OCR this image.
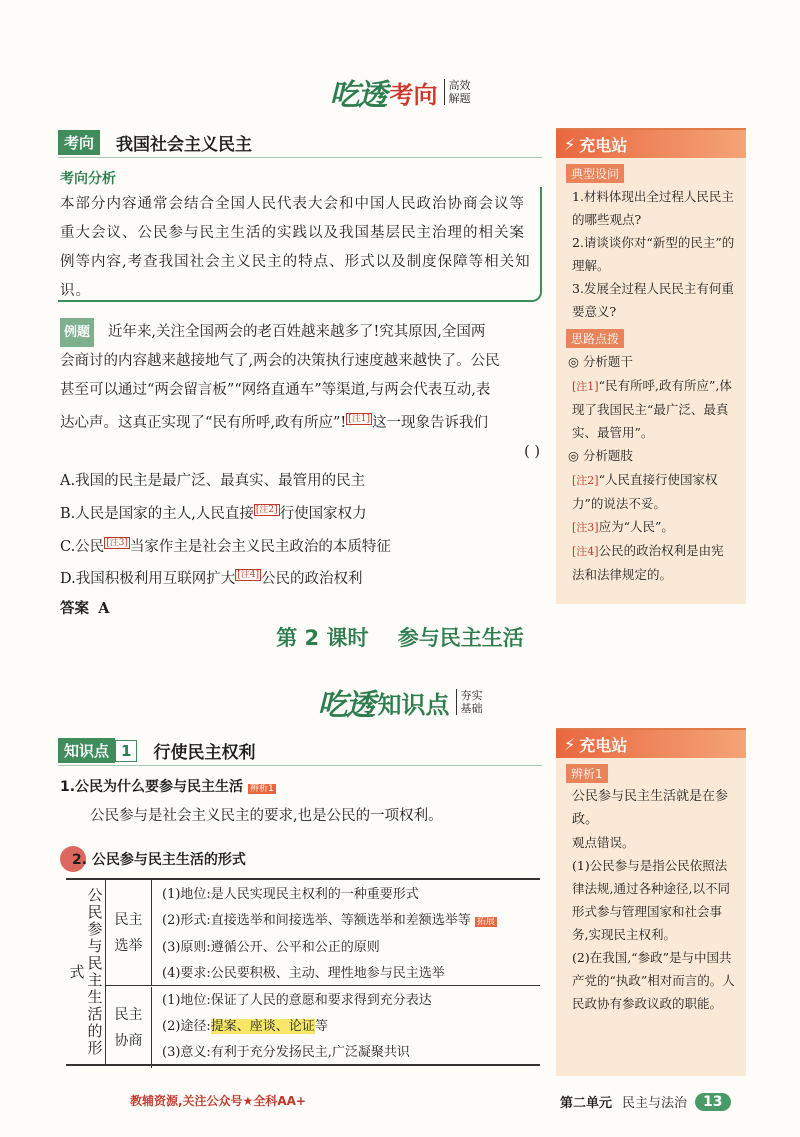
吃透 考向 高效
解题
考向	我国社会主义民主
考向分析
本部分内容通常会结合全国人民代表大会和中国人民政治协商会议等重大会议、公民参与民主生活的实践以及我国基层民主治理的相关案例等内容,考查我国社会主义民主的特点、形式以及制度保障等相关知识。
例题 近年来,关注全国两会的老百姓越来越多了!究其原因,全国两
会商讨的内容越来越接地气了,两会的决策执行速度越来越快了。公民
甚至可以通过“两会留言板”“网络直通车”等渠道,与两会代表互动,表
达心声。这真正实现了“民有所呼,政有所应”! [注1] 这一现象告诉我们
( )
A.我国的民主是最广泛、最真实、最管用的民主
B.人民是国家的主人,人民直接 [注2] 行使国家权力
C.公民 [注3] 当家作主是社会主义民主政治的本质特征
D.我国积极利用互联网扩大 [注4] 公民的政治权利
答案 A
⚡ 充电站
典型设问
1.材料体现出全过程人民民主的哪些观点?
2.请谈谈你对“新型的民主”的理解。
3.发展全过程人民民主有何重要意义?
思路点拨
◎ 分析题干
[注1]“民有所呼,政有所应”,体现了我国民主“最广泛、最真实、最管用”。
◎ 分析题肢
[注2]“人民直接行使国家权力”的说法不妥。
[注3]应为“人民”。
[注4]公民的政治权利是由宪法和法律规定的。
第 2 课时    参与民主生活
吃透 知识点 夯实
基础
知识点 1	行使民主权利
1.公民为什么要参与民主生活 辨析1
公民参与是社会主义民主的要求,也是公民的一项权利。
2. 公民参与民主生活的形式
公民参与民主生活的形式
民主选举
(1)地位:是人民实现民主权利的一种重要形式
(2)形式:直接选举和间接选举、等额选举和差额选举等 拓展
(3)原则:遵循公开、公平和公正的原则
(4)要求:公民要积极、主动、理性地参与民主选举
民主协商
(1)地位:保证了人民的意愿和要求得到充分表达
(2)途径:提案、座谈、论证等
(3)意义:有利于充分发扬民主,广泛凝聚共识
⚡ 充电站
辨析1
公民参与民主生活就是在参政。
观点错误。
(1)公民参与是指公民依照法律法规,通过各种途径,以不同形式参与管理国家和社会事务,实现民主权利。
(2)在我国,“参政”是与中国共产党的“执政”相对而言的。人民政协有参政议政的职能。
教辅资源,关注公众号★全科AA+	第二单元 民主与法治	13
